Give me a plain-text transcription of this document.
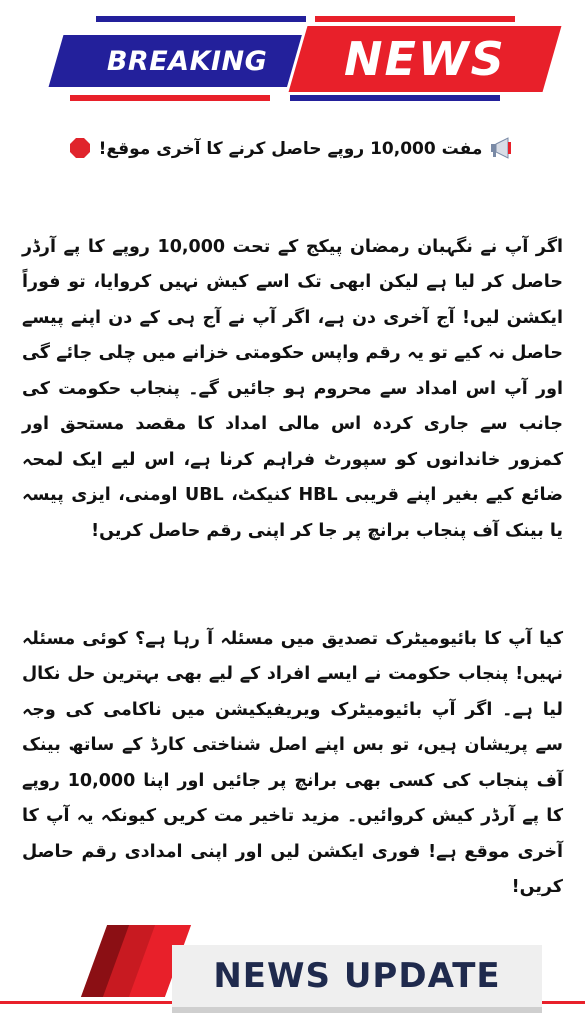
BREAKING NEWS
مفت 10,000 روپے حاصل کرنے کا آخری موقع!

اگر آپ نے نگہبان رمضان پیکج کے تحت 10,000 روپے کا پے آرڈر حاصل کر لیا ہے لیکن ابھی تک اسے کیش نہیں کروایا، تو فوراً ایکشن لیں! آج آخری دن ہے، اگر آپ نے آج ہی کے دن اپنے پیسے حاصل نہ کیے تو یہ رقم واپس حکومتی خزانے میں چلی جائے گی اور آپ اس امداد سے محروم ہو جائیں گے۔ پنجاب حکومت کی جانب سے جاری کردہ اس مالی امداد کا مقصد مستحق اور کمزور خاندانوں کو سپورٹ فراہم کرنا ہے، اس لیے ایک لمحہ ضائع کیے بغیر اپنے قریبی HBL کنیکٹ، UBL اومنی، ایزی پیسہ یا بینک آف پنجاب برانچ پر جا کر اپنی رقم حاصل کریں!

کیا آپ کا بائیومیٹرک تصدیق میں مسئلہ آ رہا ہے؟ کوئی مسئلہ نہیں! پنجاب حکومت نے ایسے افراد کے لیے بھی بہترین حل نکال لیا ہے۔ اگر آپ بائیومیٹرک ویریفیکیشن میں ناکامی کی وجہ سے پریشان ہیں، تو بس اپنے اصل شناختی کارڈ کے ساتھ بینک آف پنجاب کی کسی بھی برانچ پر جائیں اور اپنا 10,000 روپے کا پے آرڈر کیش کروائیں۔ مزید تاخیر مت کریں کیونکہ یہ آپ کا آخری موقع ہے! فوری ایکشن لیں اور اپنی امدادی رقم حاصل کریں!

NEWS UPDATE
